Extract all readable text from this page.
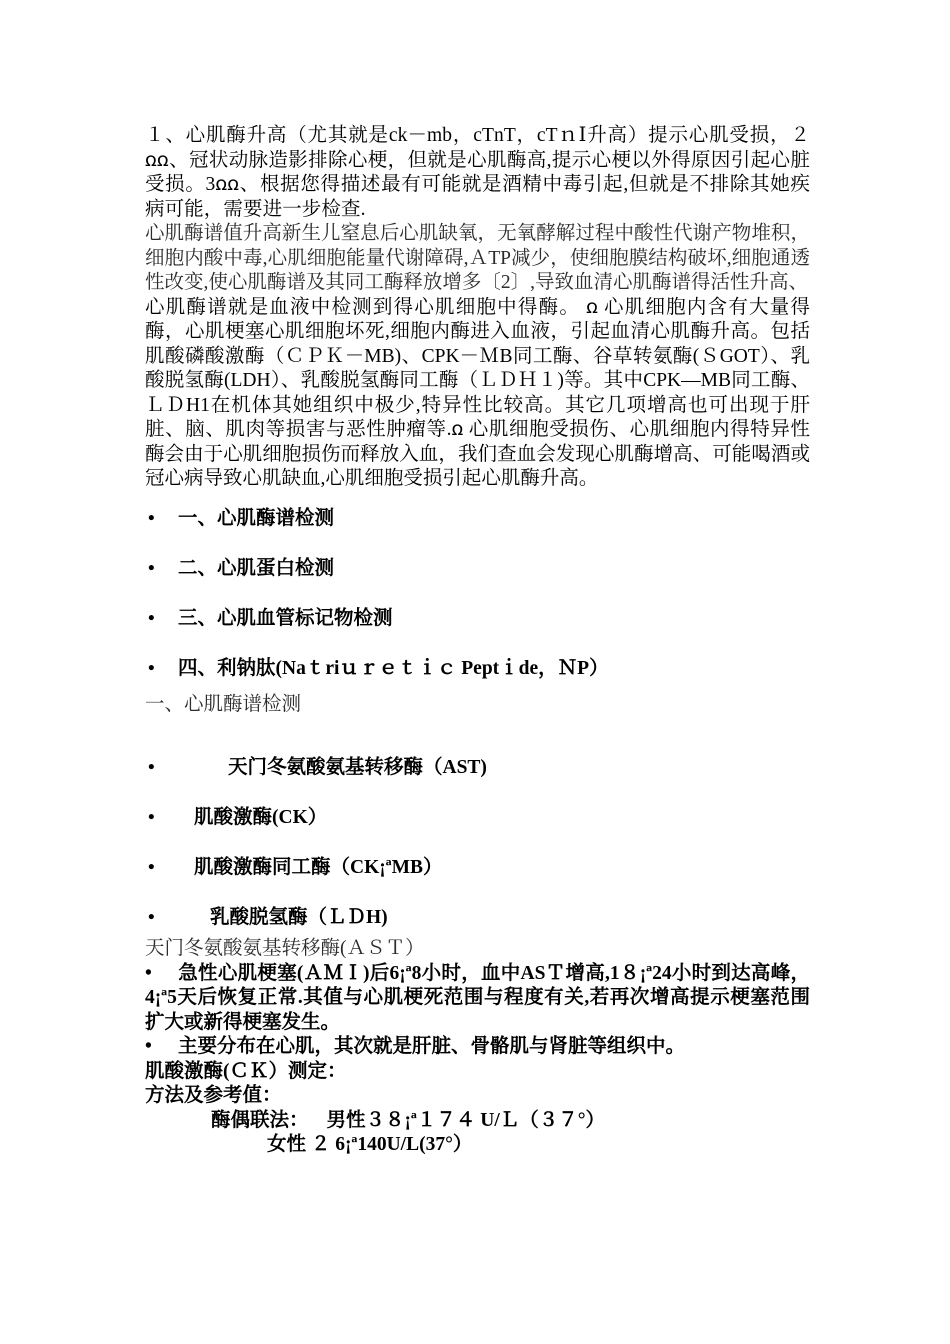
１、心肌酶升高（尤其就是ck－mb，cTnT，cTｎⅠ升高）提示心肌受损，２ꭥꭥ、冠状动脉造影排除心梗，但就是心肌酶高,提示心梗以外得原因引起心脏受损。3ꭥꭥ、根据您得描述最有可能就是酒精中毒引起,但就是不排除其她疾病可能，需要进一步检查.

心肌酶谱值升高新生儿窒息后心肌缺氧，无氧酵解过程中酸性代谢产物堆积，细胞内酸中毒,心肌细胞能量代谢障碍,ＡTP减少，使细胞膜结构破坏,细胞通透性改变,使心肌酶谱及其同工酶释放增多〔2〕,导致血清心肌酶谱得活性升高、

心肌酶谱就是血液中检测到得心肌细胞中得酶。 ꭥ 心肌细胞内含有大量得酶，心肌梗塞心肌细胞坏死,细胞内酶进入血液，引起血清心肌酶升高。包括肌酸磷酸激酶（ＣＰＫ－MB)、CPK－ＭB同工酶、谷草转氨酶(ＳGOT）、乳酸脱氢酶(LDH）、乳酸脱氢酶同工酶（ＬＤＨ１)等。其中CPK—MB同工酶、ＬＤH1在机体其她组织中极少,特异性比较高。其它几项增高也可出现于肝脏、脑、肌肉等损害与恶性肿瘤等.ꭥ 心肌细胞受损伤、心肌细胞内得特异性酶会由于心肌细胞损伤而释放入血，我们查血会发现心肌酶增高、可能喝酒或冠心病导致心肌缺血,心肌细胞受损引起心肌酶升高。

•	一、心肌酶谱检测
•	二、心肌蛋白检测
•	三、心肌血管标记物检测
•	四、利钠肽(Naｔriｕｒｅｔｉｃ Peptｉde，ＮP）
一、心肌酶谱检测
•	天门冬氨酸氨基转移酶（AST)
•	肌酸激酶(CK）
•	肌酸激酶同工酶（CK¡ªMB）
•	乳酸脱氢酶（ＬＤH)
天门冬氨酸氨基转移酶(ＡＳＴ）

• 急性心肌梗塞(ＡＭＩ)后6¡ª8小时，血中ASＴ增高,1８¡ª24小时到达高峰，4¡ª5天后恢复正常.其值与心肌梗死范围与程度有关,若再次增高提示梗塞范围扩大或新得梗塞发生。

• 主要分布在心肌，其次就是肝脏、骨骼肌与肾脏等组织中。

肌酸激酶(ＣＫ）测定：
方法及参考值：
酶偶联法： 男性３８¡ª１７４ U/Ｌ（３７°）
女性 ２ 6¡ª140U/L(37°）
